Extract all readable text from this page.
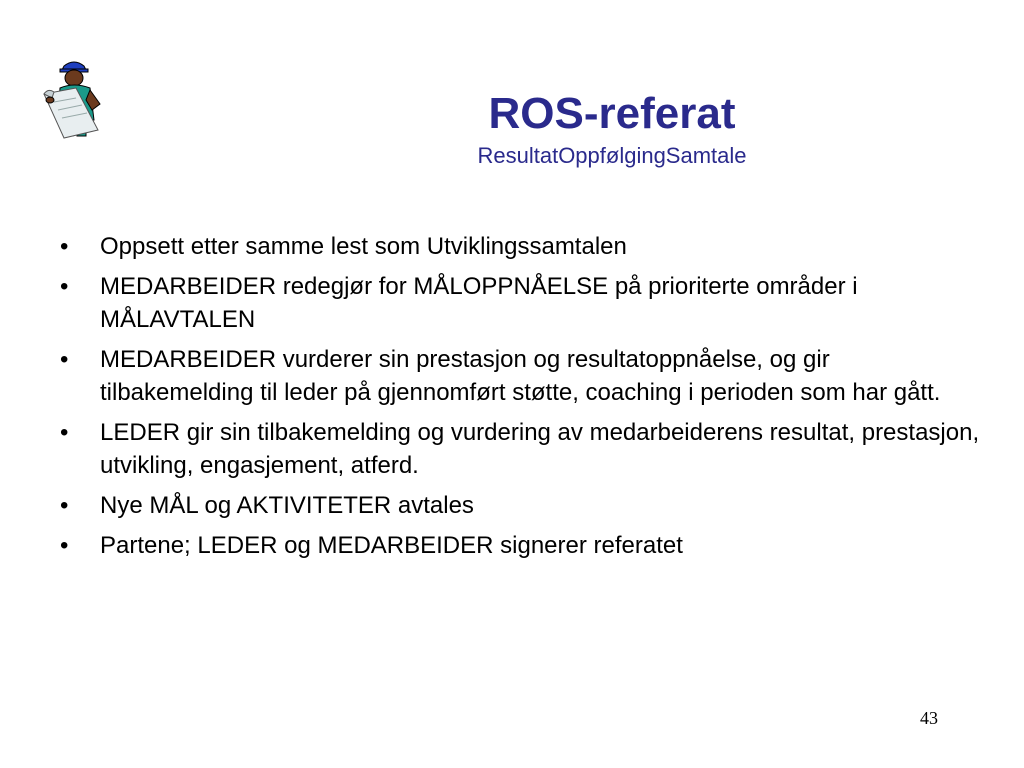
ROS-referat
ResultatOppfølgingSamtale
•	Oppsett etter samme lest som Utviklingssamtalen
•	MEDARBEIDER redegjør for MÅLOPPNÅELSE på prioriterte områder i MÅLAVTALEN
•	MEDARBEIDER vurderer sin prestasjon og resultatoppnåelse, og gir tilbakemelding til leder på gjennomført støtte, coaching i perioden som har gått.
•	LEDER gir sin tilbakemelding og vurdering av medarbeiderens resultat, prestasjon, utvikling, engasjement, atferd.
•	Nye MÅL og AKTIVITETER avtales
•	Partene; LEDER og MEDARBEIDER signerer referatet
43
